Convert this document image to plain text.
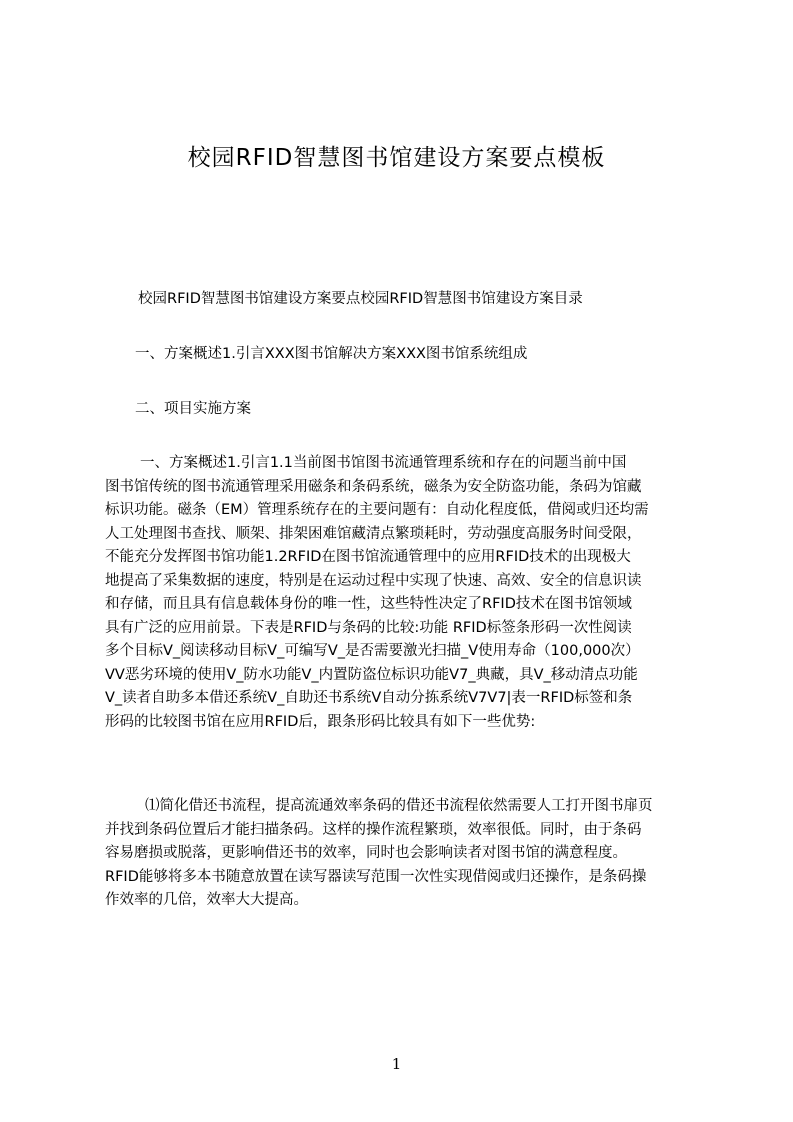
校园RFID智慧图书馆建设方案要点模板

校园RFID智慧图书馆建设方案要点校园RFID智慧图书馆建设方案目录

一、方案概述1.引言XXX图书馆解决方案XXX图书馆系统组成

二、项目实施方案

一、方案概述1.引言1.1当前图书馆图书流通管理系统和存在的问题当前中国
图书馆传统的图书流通管理采用磁条和条码系统，磁条为安全防盗功能，条码为馆藏
标识功能。磁条（EM）管理系统存在的主要问题有：自动化程度低，借阅或归还均需
人工处理图书查找、顺架、排架困难馆藏清点繁琐耗时，劳动强度高服务时间受限，
不能充分发挥图书馆功能1.2RFID在图书馆流通管理中的应用RFID技术的出现极大
地提高了采集数据的速度，特别是在运动过程中实现了快速、高效、安全的信息识读
和存储，而且具有信息载体身份的唯一性，这些特性决定了RFID技术在图书馆领域
具有广泛的应用前景。下表是RFID与条码的比较:功能 RFID标签条形码一次性阅读
多个目标V_阅读移动目标V_可编写V_是否需要激光扫描_V使用寿命（100,000次）
VV恶劣环境的使用V_防水功能V_内置防盗位标识功能V7_典藏，具V_移动清点功能
V_读者自助多本借还系统V_自助还书系统V自动分拣系统V7V7|表一RFID标签和条
形码的比较图书馆在应用RFID后，跟条形码比较具有如下一些优势:
⑴简化借还书流程，提高流通效率条码的借还书流程依然需要人工打开图书扉页
并找到条码位置后才能扫描条码。这样的操作流程繁琐，效率很低。同时，由于条码
容易磨损或脱落，更影响借还书的效率，同时也会影响读者对图书馆的满意程度。
RFID能够将多本书随意放置在读写器读写范围一次性实现借阅或归还操作，是条码操
作效率的几倍，效率大大提高。
1
